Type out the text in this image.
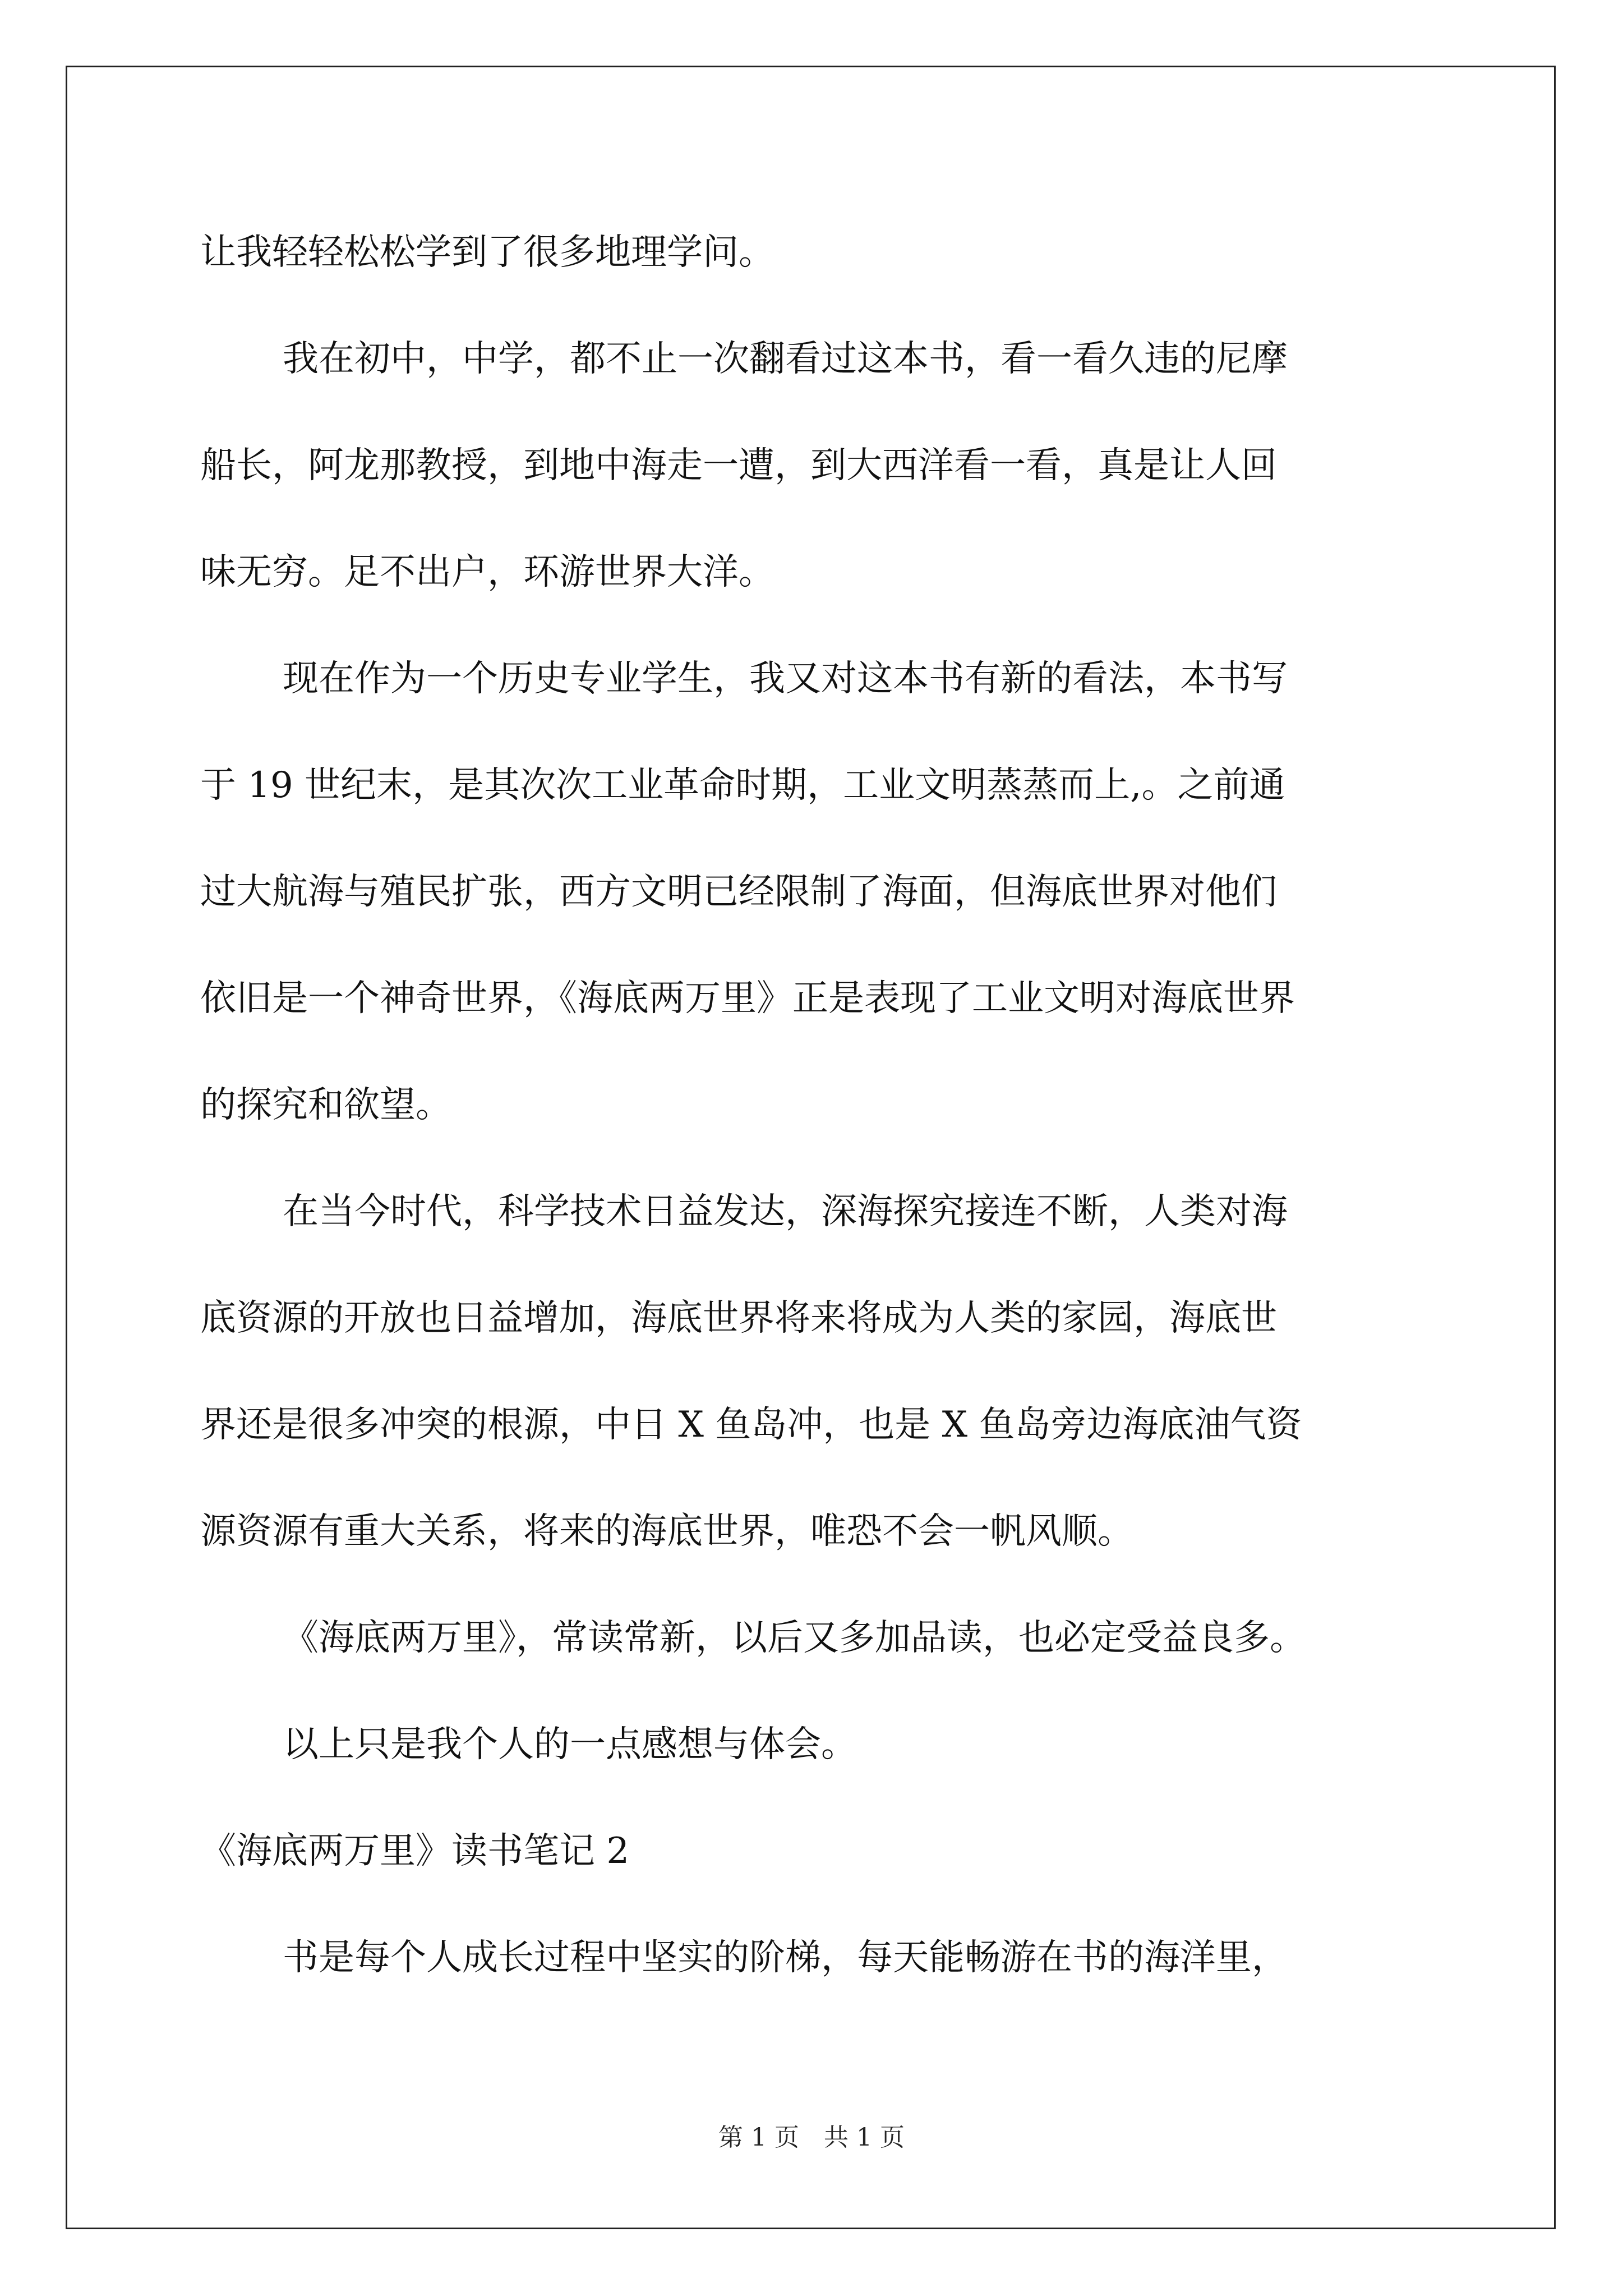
让我轻轻松松学到了很多地理学问。
我在初中，中学，都不止一次翻看过这本书，看一看久违的尼摩
船长，阿龙那教授，到地中海走一遭，到大西洋看一看，真是让人回
味无穷。足不出户，环游世界大洋。
现在作为一个历史专业学生，我又对这本书有新的看法，本书写
于 19 世纪末，是其次次工业革命时期，工业文明蒸蒸而上,。之前通
过大航海与殖民扩张，西方文明已经限制了海面，但海底世界对他们
依旧是一个神奇世界，《海底两万里》正是表现了工业文明对海底世界
的探究和欲望。
在当今时代，科学技术日益发达，深海探究接连不断，人类对海
底资源的开放也日益增加，海底世界将来将成为人类的家园，海底世
界还是很多冲突的根源，中日 X 鱼岛冲，也是 X 鱼岛旁边海底油气资
源资源有重大关系，将来的海底世界，唯恐不会一帆风顺。
《海底两万里》，常读常新，以后又多加品读，也必定受益良多。
以上只是我个人的一点感想与体会。
《海底两万里》读书笔记 2
书是每个人成长过程中坚实的阶梯，每天能畅游在书的海洋里，
第 1 页　共 1 页
